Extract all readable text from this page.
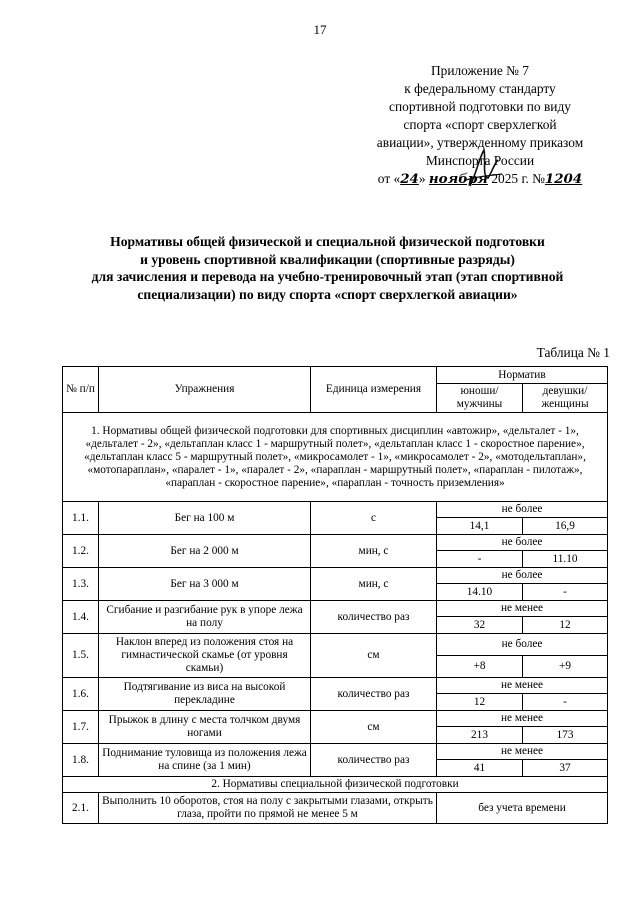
17
Приложение № 7
к федеральному стандарту
спортивной подготовки по виду
спорта «спорт сверхлегкой
авиации», утвержденному приказом
Минспорта России
от «24» ноября 2025 г. №1204
Нормативы общей физической и специальной физической подготовки
и уровень спортивной квалификации (спортивные разряды)
для зачисления и перевода на учебно-тренировочный этап (этап спортивной
специализации) по виду спорта «спорт сверхлегкой авиации»
Таблица № 1
№ п/п	Упражнения	Единица измерения	Норматив	
			юноши/ мужчины	девушки/ женщины
1. Нормативы общей физической подготовки для спортивных дисциплин «автожир», «дельталет - 1», «дельталет - 2», «дельтаплан класс 1 - маршрутный полет», «дельтаплан класс 1 - скоростное парение», «дельтаплан класс 5 - маршрутный полет», «микросамолет - 1», «микросамолет - 2», «мотодельтаплан», «мотопараплан», «паралет - 1», «паралет - 2», «параплан - маршрутный полет», «параплан - пилотаж», «параплан - скоростное парение», «параплан - точность приземления»				
1.1.	Бег на 100 м	с	не более	
			14,1	16,9
1.2.	Бег на 2 000 м	мин, с	не более	
			-	11.10
1.3.	Бег на 3 000 м	мин, с	не более	
			14.10	-
1.4.	Сгибание и разгибание рук в упоре лежа на полу	количество раз	не менее	
			32	12
1.5.	Наклон вперед из положения стоя на гимнастической скамье (от уровня скамьи)	см	не более	
			+8	+9
1.6.	Подтягивание из виса на высокой перекладине	количество раз	не менее	
			12	-
1.7.	Прыжок в длину с места толчком двумя ногами	см	не менее	
			213	173
1.8.	Поднимание туловища из положения лежа на спине (за 1 мин)	количество раз	не менее	
			41	37
2. Нормативы специальной физической подготовки				
2.1.	Выполнить 10 оборотов, стоя на полу с закрытыми глазами, открыть глаза, пройти по прямой не менее 5 м		без учета времени	
